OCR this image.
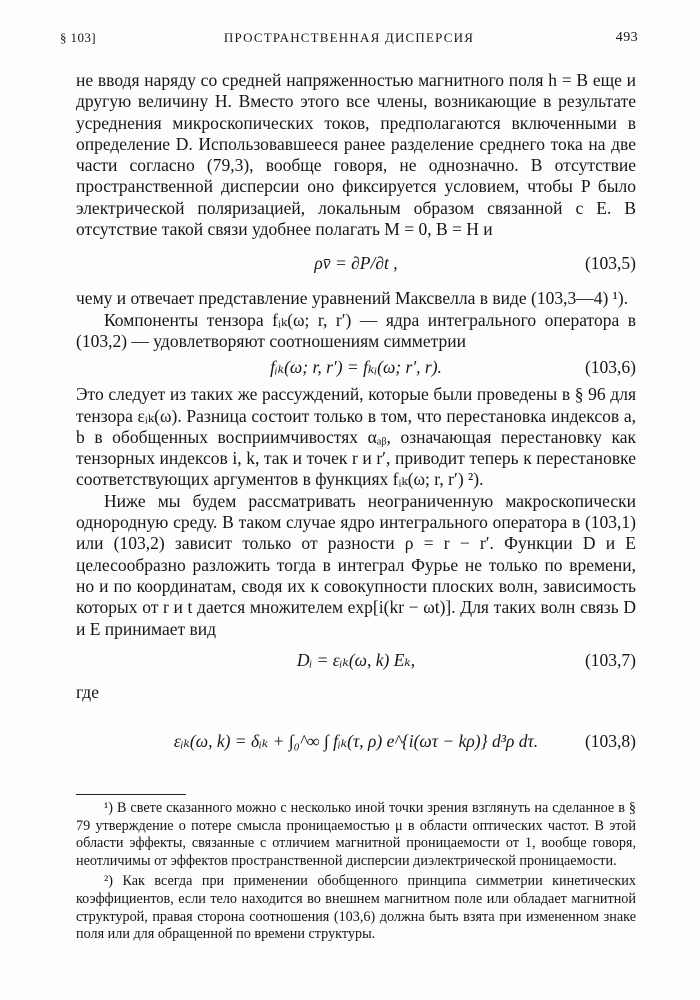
§ 103]	ПРОСТРАНСТВЕННАЯ ДИСПЕРСИЯ	493

не вводя наряду со средней напряженностью магнитного поля h = B еще и другую величину H. Вместо этого все члены, возникающие в результате усреднения микроскопических токов, предполагаются включенными в определение D. Использовавшееся ранее разделение среднего тока на две части согласно (79,3), вообще говоря, не однозначно. В отсутствие пространственной дисперсии оно фиксируется условием, чтобы P было электрической поляризацией, локальным образом связанной с E. В отсутствие такой связи удобнее полагать M = 0, B = H и

ρv̄ = ∂P/∂t ,	(103,5)

чему и отвечает представление уравнений Максвелла в виде (103,3—4) ¹).

Компоненты тензора fᵢₖ(ω; r, r′) — ядра интегрального оператора в (103,2) — удовлетворяют соотношениям симметрии

fᵢₖ(ω; r, r′) = fₖᵢ(ω; r′, r).	(103,6)

Это следует из таких же рассуждений, которые были проведены в § 96 для тензора εᵢₖ(ω). Разница состоит только в том, что перестановка индексов a, b в обобщенных восприимчивостях αₐᵦ, означающая перестановку как тензорных индексов i, k, так и точек r и r′, приводит теперь к перестановке соответствующих аргументов в функциях fᵢₖ(ω; r, r′) ²).

Ниже мы будем рассматривать неограниченную макроскопически однородную среду. В таком случае ядро интегрального оператора в (103,1) или (103,2) зависит только от разности ρ = r − r′. Функции D и E целесообразно разложить тогда в интеграл Фурье не только по времени, но и по координатам, сводя их к совокупности плоских волн, зависимость которых от r и t дается множителем exp[i(kr − ωt)]. Для таких волн связь D и E принимает вид

Dᵢ = εᵢₖ(ω, k) Eₖ,	(103,7)

где

εᵢₖ(ω, k) = δᵢₖ + ∫₀^∞ ∫ fᵢₖ(τ, ρ) e^{i(ωτ − kρ)} d³ρ dτ.	(103,8)

¹) В свете сказанного можно с несколько иной точки зрения взглянуть на сделанное в § 79 утверждение о потере смысла проницаемостью μ в области оптических частот. В этой области эффекты, связанные с отличием магнитной проницаемости от 1, вообще говоря, неотличимы от эффектов пространственной дисперсии диэлектрической проницаемости.

²) Как всегда при применении обобщенного принципа симметрии кинетических коэффициентов, если тело находится во внешнем магнитном поле или обладает магнитной структурой, правая сторона соотношения (103,6) должна быть взята при измененном знаке поля или для обращенной по времени структуры.
